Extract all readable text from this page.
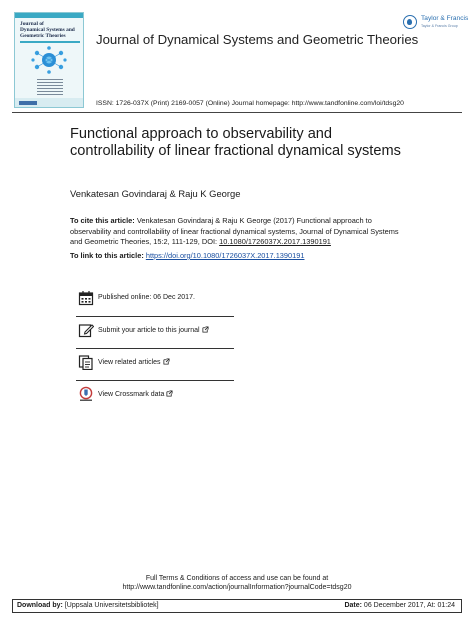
Journal of
Dynamical Systems and
Geometric Theories	Journal of Dynamical Systems and Geometric Theories
Taylor & Francis
Taylor & Francis Group
ISSN: 1726-037X (Print) 2169-0057 (Online) Journal homepage: http://www.tandfonline.com/loi/tdsg20
Functional approach to observability and controllability of linear fractional dynamical systems
Venkatesan Govindaraj & Raju K George
To cite this article: Venkatesan Govindaraj & Raju K George (2017) Functional approach to observability and controllability of linear fractional dynamical systems, Journal of Dynamical Systems and Geometric Theories, 15:2, 111-129, DOI: 10.1080/1726037X.2017.1390191
To link to this article: https://doi.org/10.1080/1726037X.2017.1390191
Published online: 06 Dec 2017.
Submit your article to this journal
View related articles
View Crossmark data
Full Terms & Conditions of access and use can be found at
http://www.tandfonline.com/action/journalInformation?journalCode=tdsg20
Download by: [Uppsala Universitetsbibliotek]	Date: 06 December 2017, At: 01:24
